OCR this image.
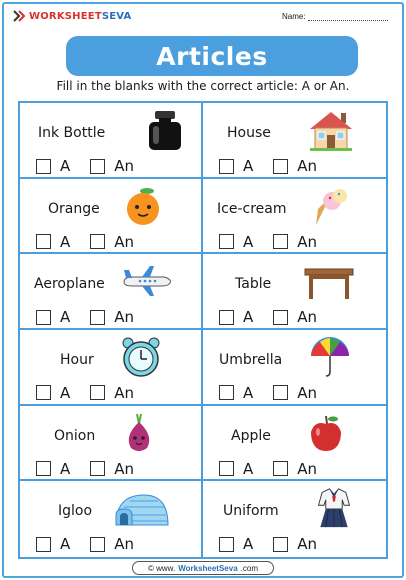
WORKSHEETSEVA	Name:
Articles
Fill in the blanks with the correct article: A or An.
Ink Bottle
A	An
House
A	An
Orange
A	An
Ice-cream
A	An
Aeroplane
A	An
Table
A	An
Hour
A	An
Umbrella
A	An
Onion
A	An
Apple
A	An
Igloo
A	An
Uniform
A	An
© www. WorksheetSeva .com
